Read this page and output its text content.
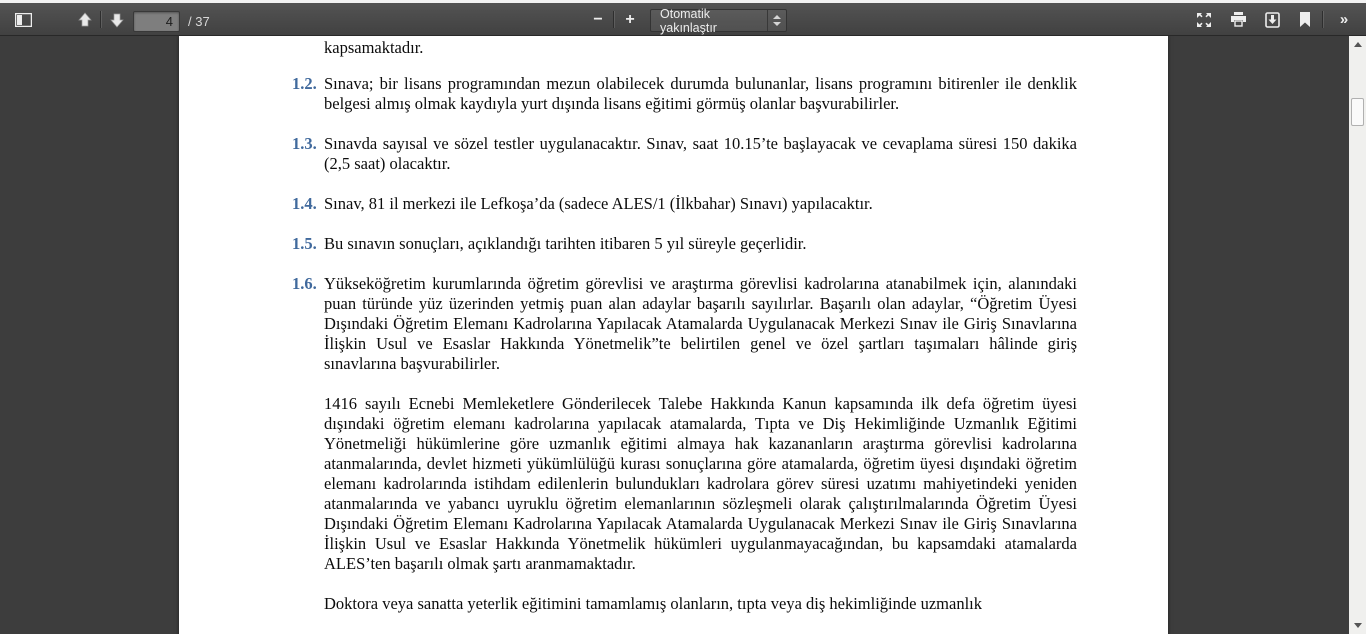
4
/ 37	− + Otomatik yakınlaştır	»
kapsamaktadır.
1.2. Sınava; bir lisans programından mezun olabilecek durumda bulunanlar, lisans programını bitirenler ile denklik belgesi almış olmak kaydıyla yurt dışında lisans eğitimi görmüş olanlar başvurabilirler.
1.3. Sınavda sayısal ve sözel testler uygulanacaktır. Sınav, saat 10.15’te başlayacak ve cevaplama süresi 150 dakika (2,5 saat) olacaktır.
1.4. Sınav, 81 il merkezi ile Lefkoşa’da (sadece ALES/1 (İlkbahar) Sınavı) yapılacaktır.
1.5. Bu sınavın sonuçları, açıklandığı tarihten itibaren 5 yıl süreyle geçerlidir.
1.6. Yükseköğretim kurumlarında öğretim görevlisi ve araştırma görevlisi kadrolarına atanabilmek için, alanındaki puan türünde yüz üzerinden yetmiş puan alan adaylar başarılı sayılırlar. Başarılı olan adaylar, “Öğretim Üyesi Dışındaki Öğretim Elemanı Kadrolarına Yapılacak Atamalarda Uygulanacak Merkezi Sınav ile Giriş Sınavlarına İlişkin Usul ve Esaslar Hakkında Yönetmelik”te belirtilen genel ve özel şartları taşımaları hâlinde giriş sınavlarına başvurabilirler.
1416 sayılı Ecnebi Memleketlere Gönderilecek Talebe Hakkında Kanun kapsamında ilk defa öğretim üyesi dışındaki öğretim elemanı kadrolarına yapılacak atamalarda, Tıpta ve Diş Hekimliğinde Uzmanlık Eğitimi Yönetmeliği hükümlerine göre uzmanlık eğitimi almaya hak kazananların araştırma görevlisi kadrolarına atanmalarında, devlet hizmeti yükümlülüğü kurası sonuçlarına göre atamalarda, öğretim üyesi dışındaki öğretim elemanı kadrolarında istihdam edilenlerin bulundukları kadrolara görev süresi uzatımı mahiyetindeki yeniden atanmalarında ve yabancı uyruklu öğretim elemanlarının sözleşmeli olarak çalıştırılmalarında Öğretim Üyesi Dışındaki Öğretim Elemanı Kadrolarına Yapılacak Atamalarda Uygulanacak Merkezi Sınav ile Giriş Sınavlarına İlişkin Usul ve Esaslar Hakkında Yönetmelik hükümleri uygulanmayacağından, bu kapsamdaki atamalarda ALES’ten başarılı olmak şartı aranmamaktadır.
Doktora veya sanatta yeterlik eğitimini tamamlamış olanların, tıpta veya diş hekimliğinde uzmanlık
